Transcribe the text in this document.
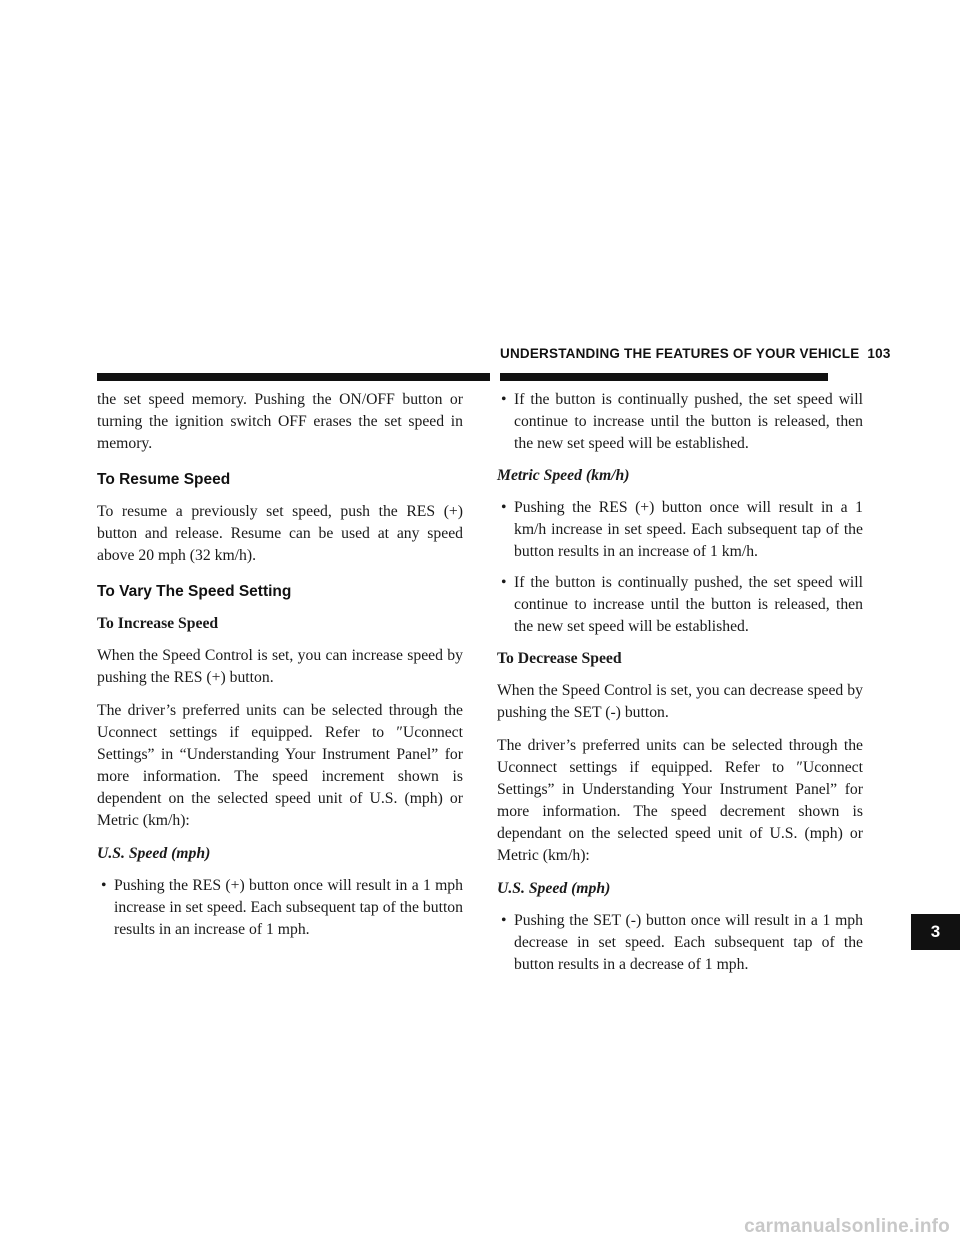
UNDERSTANDING THE FEATURES OF YOUR VEHICLE 103

the set speed memory. Pushing the ON/OFF button or turning the ignition switch OFF erases the set speed in memory.

To Resume Speed

To resume a previously set speed, push the RES (+) button and release. Resume can be used at any speed above 20 mph (32 km/h).

To Vary The Speed Setting
To Increase Speed

When the Speed Control is set, you can increase speed by pushing the RES (+) button.

The driver’s preferred units can be selected through the Uconnect settings if equipped. Refer to ″Uconnect Settings” in “Understanding Your Instrument Panel” for more information. The speed increment shown is dependent on the selected speed unit of U.S. (mph) or Metric (km/h):

U.S. Speed (mph)
• Pushing the RES (+) button once will result in a 1 mph increase in set speed. Each subsequent tap of the button results in an increase of 1 mph.
• If the button is continually pushed, the set speed will continue to increase until the button is released, then the new set speed will be established.
Metric Speed (km/h)
• Pushing the RES (+) button once will result in a 1 km/h increase in set speed. Each subsequent tap of the button results in an increase of 1 km/h.
• If the button is continually pushed, the set speed will continue to increase until the button is released, then the new set speed will be established.
To Decrease Speed

When the Speed Control is set, you can decrease speed by pushing the SET (-) button.

The driver’s preferred units can be selected through the Uconnect settings if equipped. Refer to ″Uconnect Settings” in Understanding Your Instrument Panel” for more information. The speed decrement shown is dependant on the selected speed unit of U.S. (mph) or Metric (km/h):

U.S. Speed (mph)
• Pushing the SET (-) button once will result in a 1 mph decrease in set speed. Each subsequent tap of the button results in a decrease of 1 mph.
3
carmanualsonline.info
